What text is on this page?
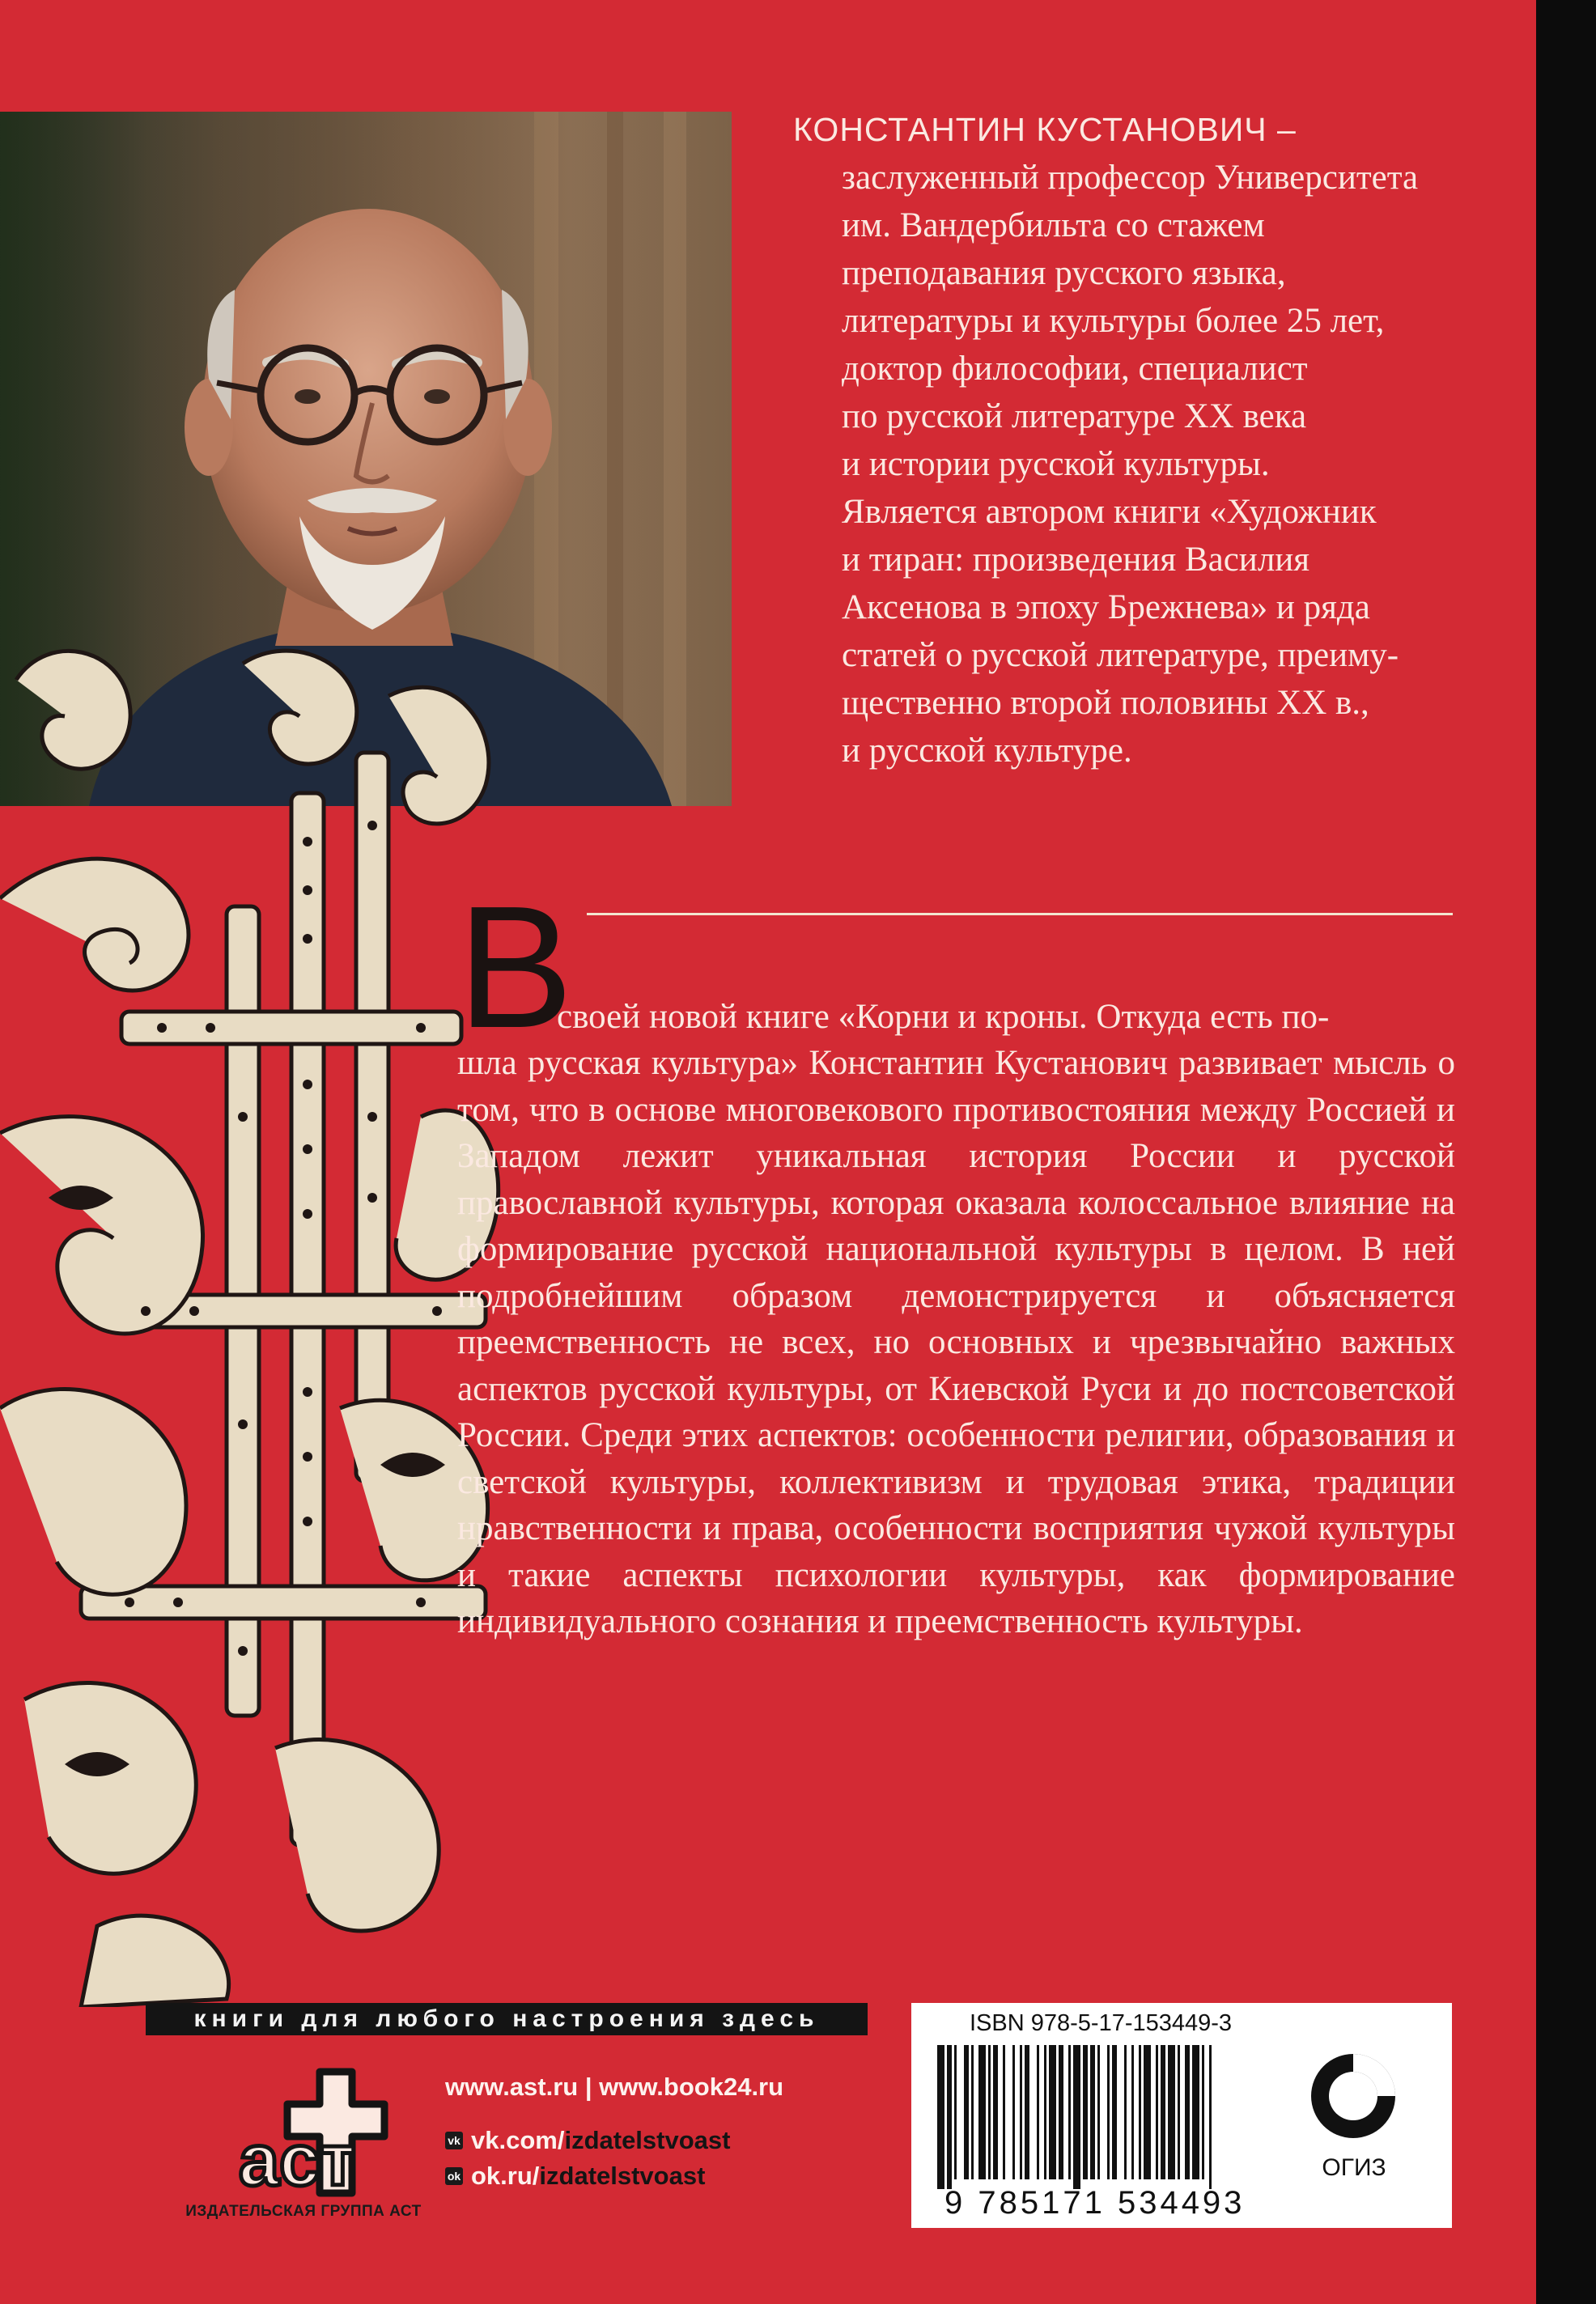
КОНСТАНТИН КУСТАНОВИЧ –

заслуженный профессор Университета

им. Вандербильта со стажем

преподавания русского языка,

литературы и культуры более 25 лет,

доктор философии, специалист

по русской литературе XX века

и истории русской культуры.

Является автором книги «Художник

и тиран: произведения Василия

Аксенова в эпоху Брежнева» и ряда

статей о русской литературе, преиму-

щественно второй половины XX в.,

и русской культуре.

В
своей новой книге «Корни и кроны. Откуда есть по-
шла русская культура» Константин Кустанович развивает мысль о том, что в основе многовекового противостояния между Россией и Западом лежит уникальная история России и русской православной культуры, которая оказала колоссальное влияние на формирование русской национальной культуры в целом. В ней подробнейшим образом демонстрируется и объясняется преемственность не всех, но основных и чрезвычайно важных аспектов русской культуры, от Киевской Руси и до постсоветской России. Среди этих аспектов: особенности религии, образования и светской культуры, коллективизм и трудовая этика, традиции нравственности и права, особенности восприятия чужой культуры и такие аспекты психологии культуры, как формирование индивидуального сознания и преемственность культуры.
книги для любого настроения здесь
аст
ИЗДАТЕЛЬСКАЯ ГРУППА АСТ
www.ast.ru | www.book24.ru
vk vk.com/izdatelstvoast
ok ok.ru/izdatelstvoast
ISBN 978-5-17-153449-3
9 785171 534493
ОГИЗ
